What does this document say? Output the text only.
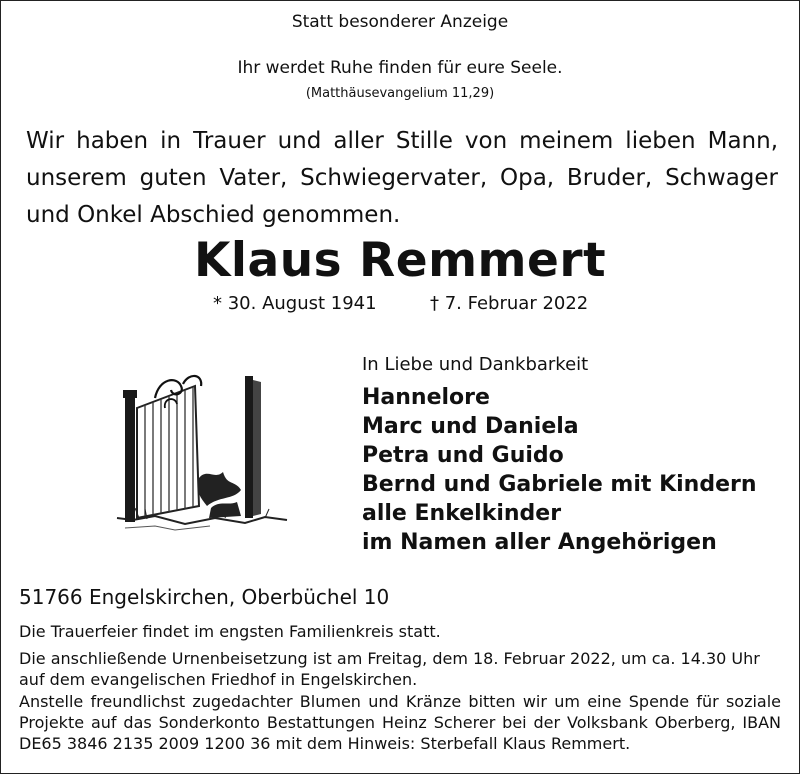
Statt besonderer Anzeige
Ihr werdet Ruhe finden für eure Seele.
(Matthäusevangelium 11,29)
Wir haben in Trauer und aller Stille von meinem lieben Mann, unserem guten Vater, Schwiegervater, Opa, Bruder, Schwager und Onkel Abschied genommen.
Klaus Remmert
* 30. August 1941	† 7. Februar 2022
In Liebe und Dankbarkeit
Hannelore
Marc und Daniela
Petra und Guido
Bernd und Gabriele mit Kindern
alle Enkelkinder
im Namen aller Angehörigen
51766 Engelskirchen, Oberbüchel 10
Die Trauerfeier findet im engsten Familienkreis statt.
Die anschließende Urnenbeisetzung ist am Freitag, dem 18. Februar 2022, um ca. 14.30 Uhr auf dem evangelischen Friedhof in Engelskirchen.
Anstelle freundlichst zugedachter Blumen und Kränze bitten wir um eine Spende für soziale Projekte auf das Sonderkonto Bestattungen Heinz Scherer bei der Volksbank Oberberg, IBAN DE65 3846 2135 2009 1200 36 mit dem Hinweis: Sterbefall Klaus Remmert.
